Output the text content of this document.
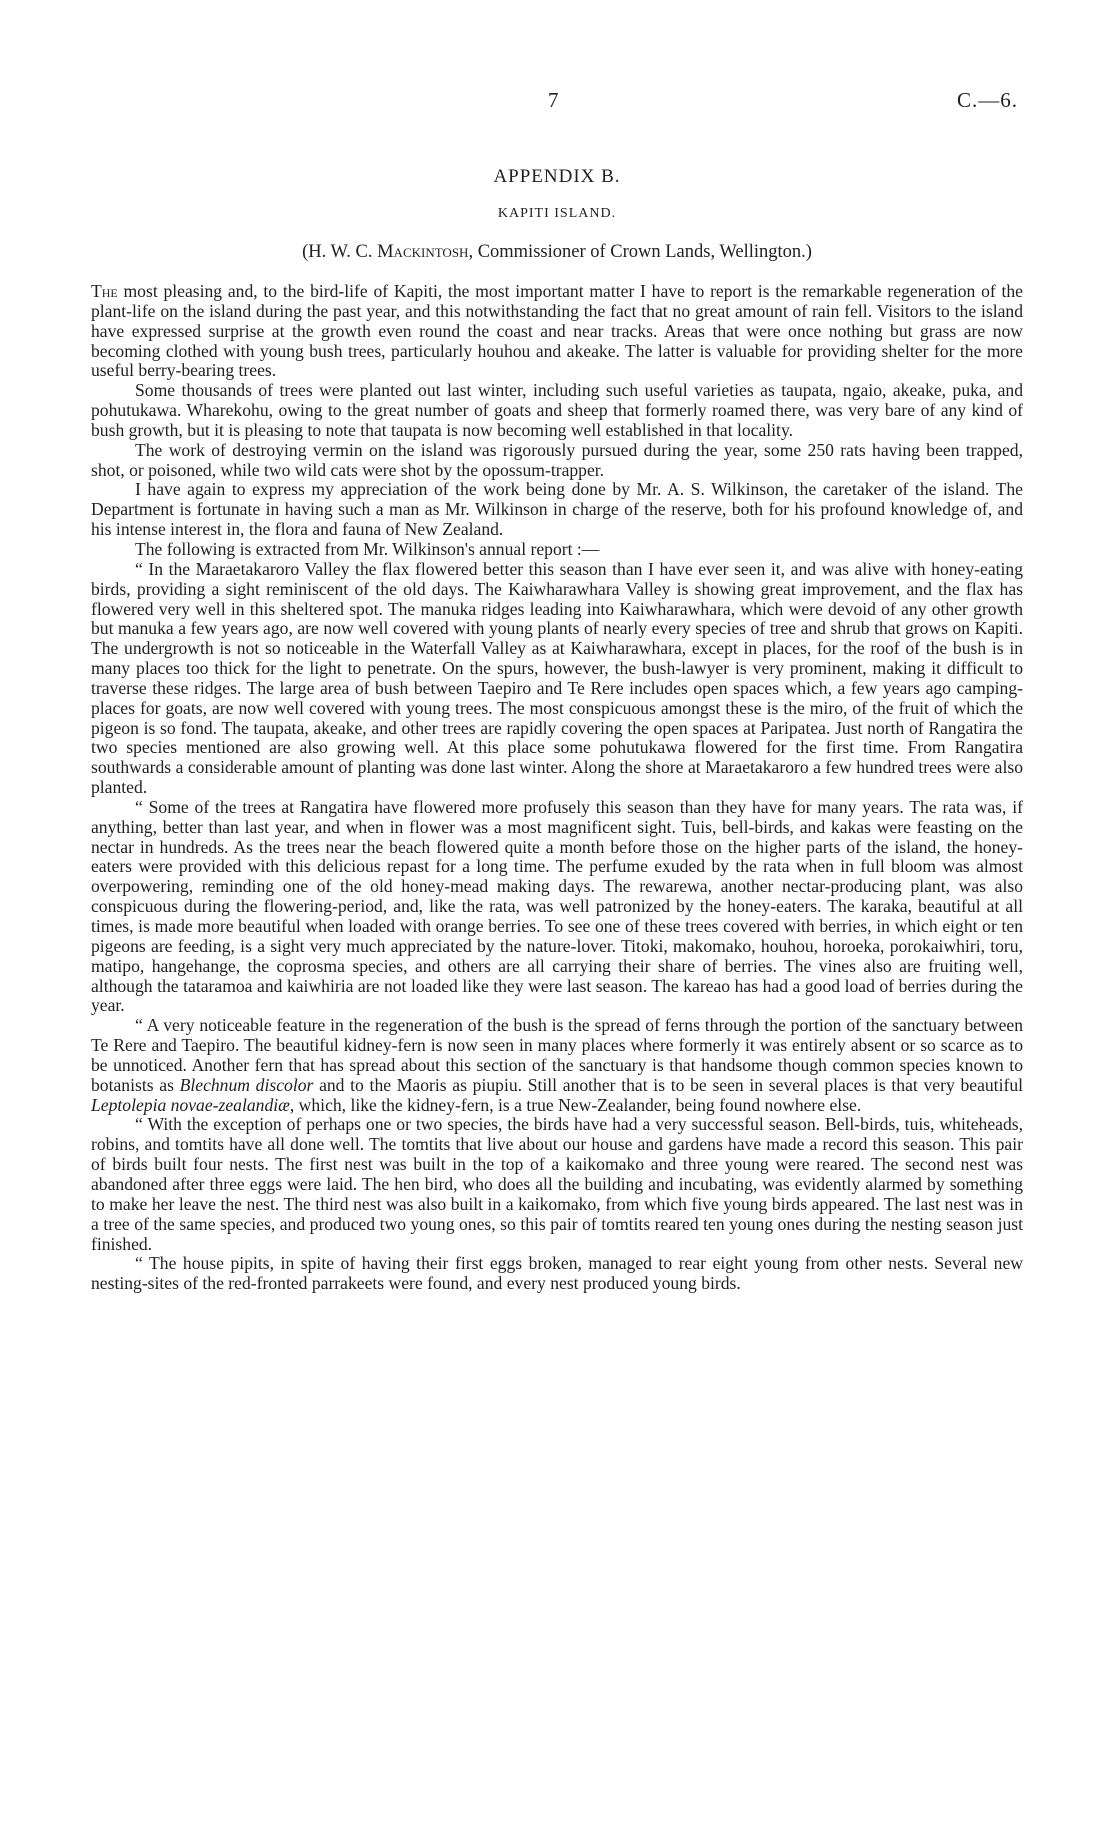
7	C.—6.
APPENDIX B.
KAPITI ISLAND.
(H. W. C. Mackintosh, Commissioner of Crown Lands, Wellington.)

The most pleasing and, to the bird-life of Kapiti, the most important matter I have to report is the remarkable regeneration of the plant-life on the island during the past year, and this notwithstanding the fact that no great amount of rain fell. Visitors to the island have expressed surprise at the growth even round the coast and near tracks. Areas that were once nothing but grass are now becoming clothed with young bush trees, particularly houhou and akeake. The latter is valuable for providing shelter for the more useful berry-bearing trees.

Some thousands of trees were planted out last winter, including such useful varieties as taupata, ngaio, akeake, puka, and pohutukawa. Wharekohu, owing to the great number of goats and sheep that formerly roamed there, was very bare of any kind of bush growth, but it is pleasing to note that taupata is now becoming well established in that locality.

The work of destroying vermin on the island was rigorously pursued during the year, some 250 rats having been trapped, shot, or poisoned, while two wild cats were shot by the opossum-trapper.

I have again to express my appreciation of the work being done by Mr. A. S. Wilkinson, the caretaker of the island. The Department is fortunate in having such a man as Mr. Wilkinson in charge of the reserve, both for his profound knowledge of, and his intense interest in, the flora and fauna of New Zealand.

The following is extracted from Mr. Wilkinson's annual report :—

“ In the Maraetakaroro Valley the flax flowered better this season than I have ever seen it, and was alive with honey-eating birds, providing a sight reminiscent of the old days. The Kaiwharawhara Valley is showing great improvement, and the flax has flowered very well in this sheltered spot. The manuka ridges leading into Kaiwharawhara, which were devoid of any other growth but manuka a few years ago, are now well covered with young plants of nearly every species of tree and shrub that grows on Kapiti. The undergrowth is not so noticeable in the Waterfall Valley as at Kaiwharawhara, except in places, for the roof of the bush is in many places too thick for the light to penetrate. On the spurs, however, the bush-lawyer is very prominent, making it difficult to traverse these ridges. The large area of bush between Taepiro and Te Rere includes open spaces which, a few years ago camping-places for goats, are now well covered with young trees. The most conspicuous amongst these is the miro, of the fruit of which the pigeon is so fond. The taupata, akeake, and other trees are rapidly covering the open spaces at Paripatea. Just north of Rangatira the two species mentioned are also growing well. At this place some pohutukawa flowered for the first time. From Rangatira southwards a considerable amount of planting was done last winter. Along the shore at Maraetakaroro a few hundred trees were also planted.

“ Some of the trees at Rangatira have flowered more profusely this season than they have for many years. The rata was, if anything, better than last year, and when in flower was a most magnificent sight. Tuis, bell-birds, and kakas were feasting on the nectar in hundreds. As the trees near the beach flowered quite a month before those on the higher parts of the island, the honey-eaters were provided with this delicious repast for a long time. The perfume exuded by the rata when in full bloom was almost overpowering, reminding one of the old honey-mead making days. The rewarewa, another nectar-producing plant, was also conspicuous during the flowering-period, and, like the rata, was well patronized by the honey-eaters. The karaka, beautiful at all times, is made more beautiful when loaded with orange berries. To see one of these trees covered with berries, in which eight or ten pigeons are feeding, is a sight very much appreciated by the nature-lover. Titoki, makomako, houhou, horoeka, porokaiwhiri, toru, matipo, hangehange, the coprosma species, and others are all carrying their share of berries. The vines also are fruiting well, although the tataramoa and kaiwhiria are not loaded like they were last season. The kareao has had a good load of berries during the year.

“ A very noticeable feature in the regeneration of the bush is the spread of ferns through the portion of the sanctuary between Te Rere and Taepiro. The beautiful kidney-fern is now seen in many places where formerly it was entirely absent or so scarce as to be unnoticed. Another fern that has spread about this section of the sanctuary is that handsome though common species known to botanists as Blechnum discolor and to the Maoris as piupiu. Still another that is to be seen in several places is that very beautiful Leptolepia novae-zealandiæ, which, like the kidney-fern, is a true New-Zealander, being found nowhere else.

“ With the exception of perhaps one or two species, the birds have had a very successful season. Bell-birds, tuis, whiteheads, robins, and tomtits have all done well. The tomtits that live about our house and gardens have made a record this season. This pair of birds built four nests. The first nest was built in the top of a kaikomako and three young were reared. The second nest was abandoned after three eggs were laid. The hen bird, who does all the building and incubating, was evidently alarmed by something to make her leave the nest. The third nest was also built in a kaikomako, from which five young birds appeared. The last nest was in a tree of the same species, and produced two young ones, so this pair of tomtits reared ten young ones during the nesting season just finished.

“ The house pipits, in spite of having their first eggs broken, managed to rear eight young from other nests. Several new nesting-sites of the red-fronted parrakeets were found, and every nest produced young birds.
